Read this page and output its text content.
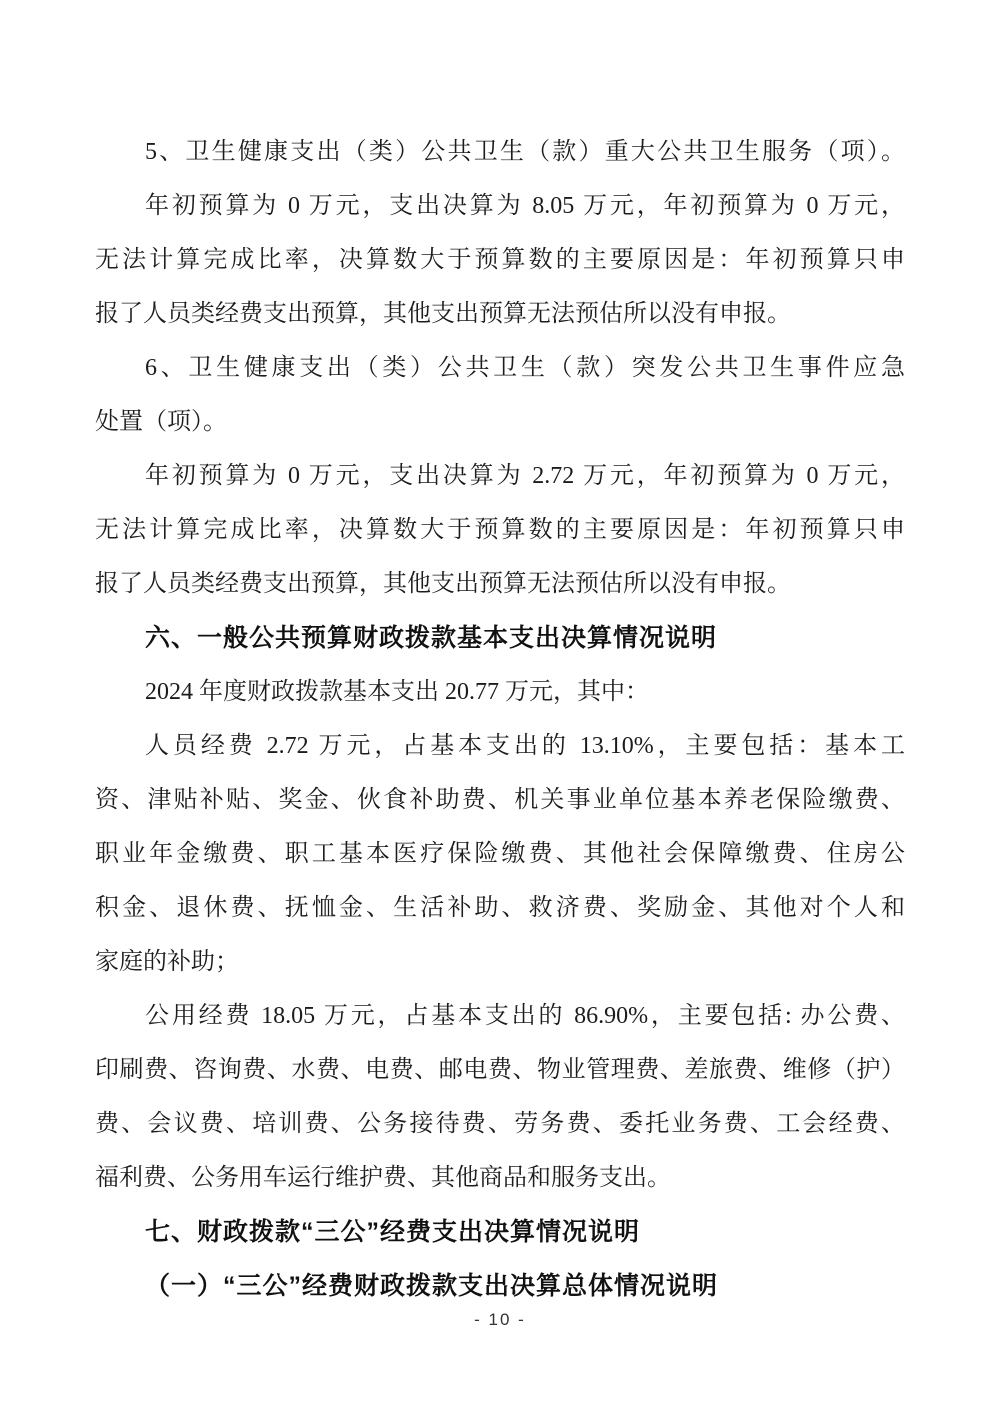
5、卫生健康支出（类）公共卫生（款）重大公共卫生服务（项）。
年初预算为 0 万元，支出决算为 8.05 万元，年初预算为 0 万元，
无法计算完成比率，决算数大于预算数的主要原因是：年初预算只申
报了人员类经费支出预算，其他支出预算无法预估所以没有申报。
6、卫生健康支出（类）公共卫生（款）突发公共卫生事件应急
处置（项）。
年初预算为 0 万元，支出决算为 2.72 万元，年初预算为 0 万元，
无法计算完成比率，决算数大于预算数的主要原因是：年初预算只申
报了人员类经费支出预算，其他支出预算无法预估所以没有申报。
六、一般公共预算财政拨款基本支出决算情况说明
2024 年度财政拨款基本支出 20.77 万元，其中：
人员经费 2.72 万元，占基本支出的 13.10%，主要包括：基本工
资、津贴补贴、奖金、伙食补助费、机关事业单位基本养老保险缴费、
职业年金缴费、职工基本医疗保险缴费、其他社会保障缴费、住房公
积金、退休费、抚恤金、生活补助、救济费、奖励金、其他对个人和
家庭的补助；
公用经费 18.05 万元，占基本支出的 86.90%，主要包括: 办公费、
印刷费、咨询费、水费、电费、邮电费、物业管理费、差旅费、维修（护）
费、会议费、培训费、公务接待费、劳务费、委托业务费、工会经费、
福利费、公务用车运行维护费、其他商品和服务支出。
七、财政拨款“三公”经费支出决算情况说明
（一）“三公”经费财政拨款支出决算总体情况说明
- 10 -
